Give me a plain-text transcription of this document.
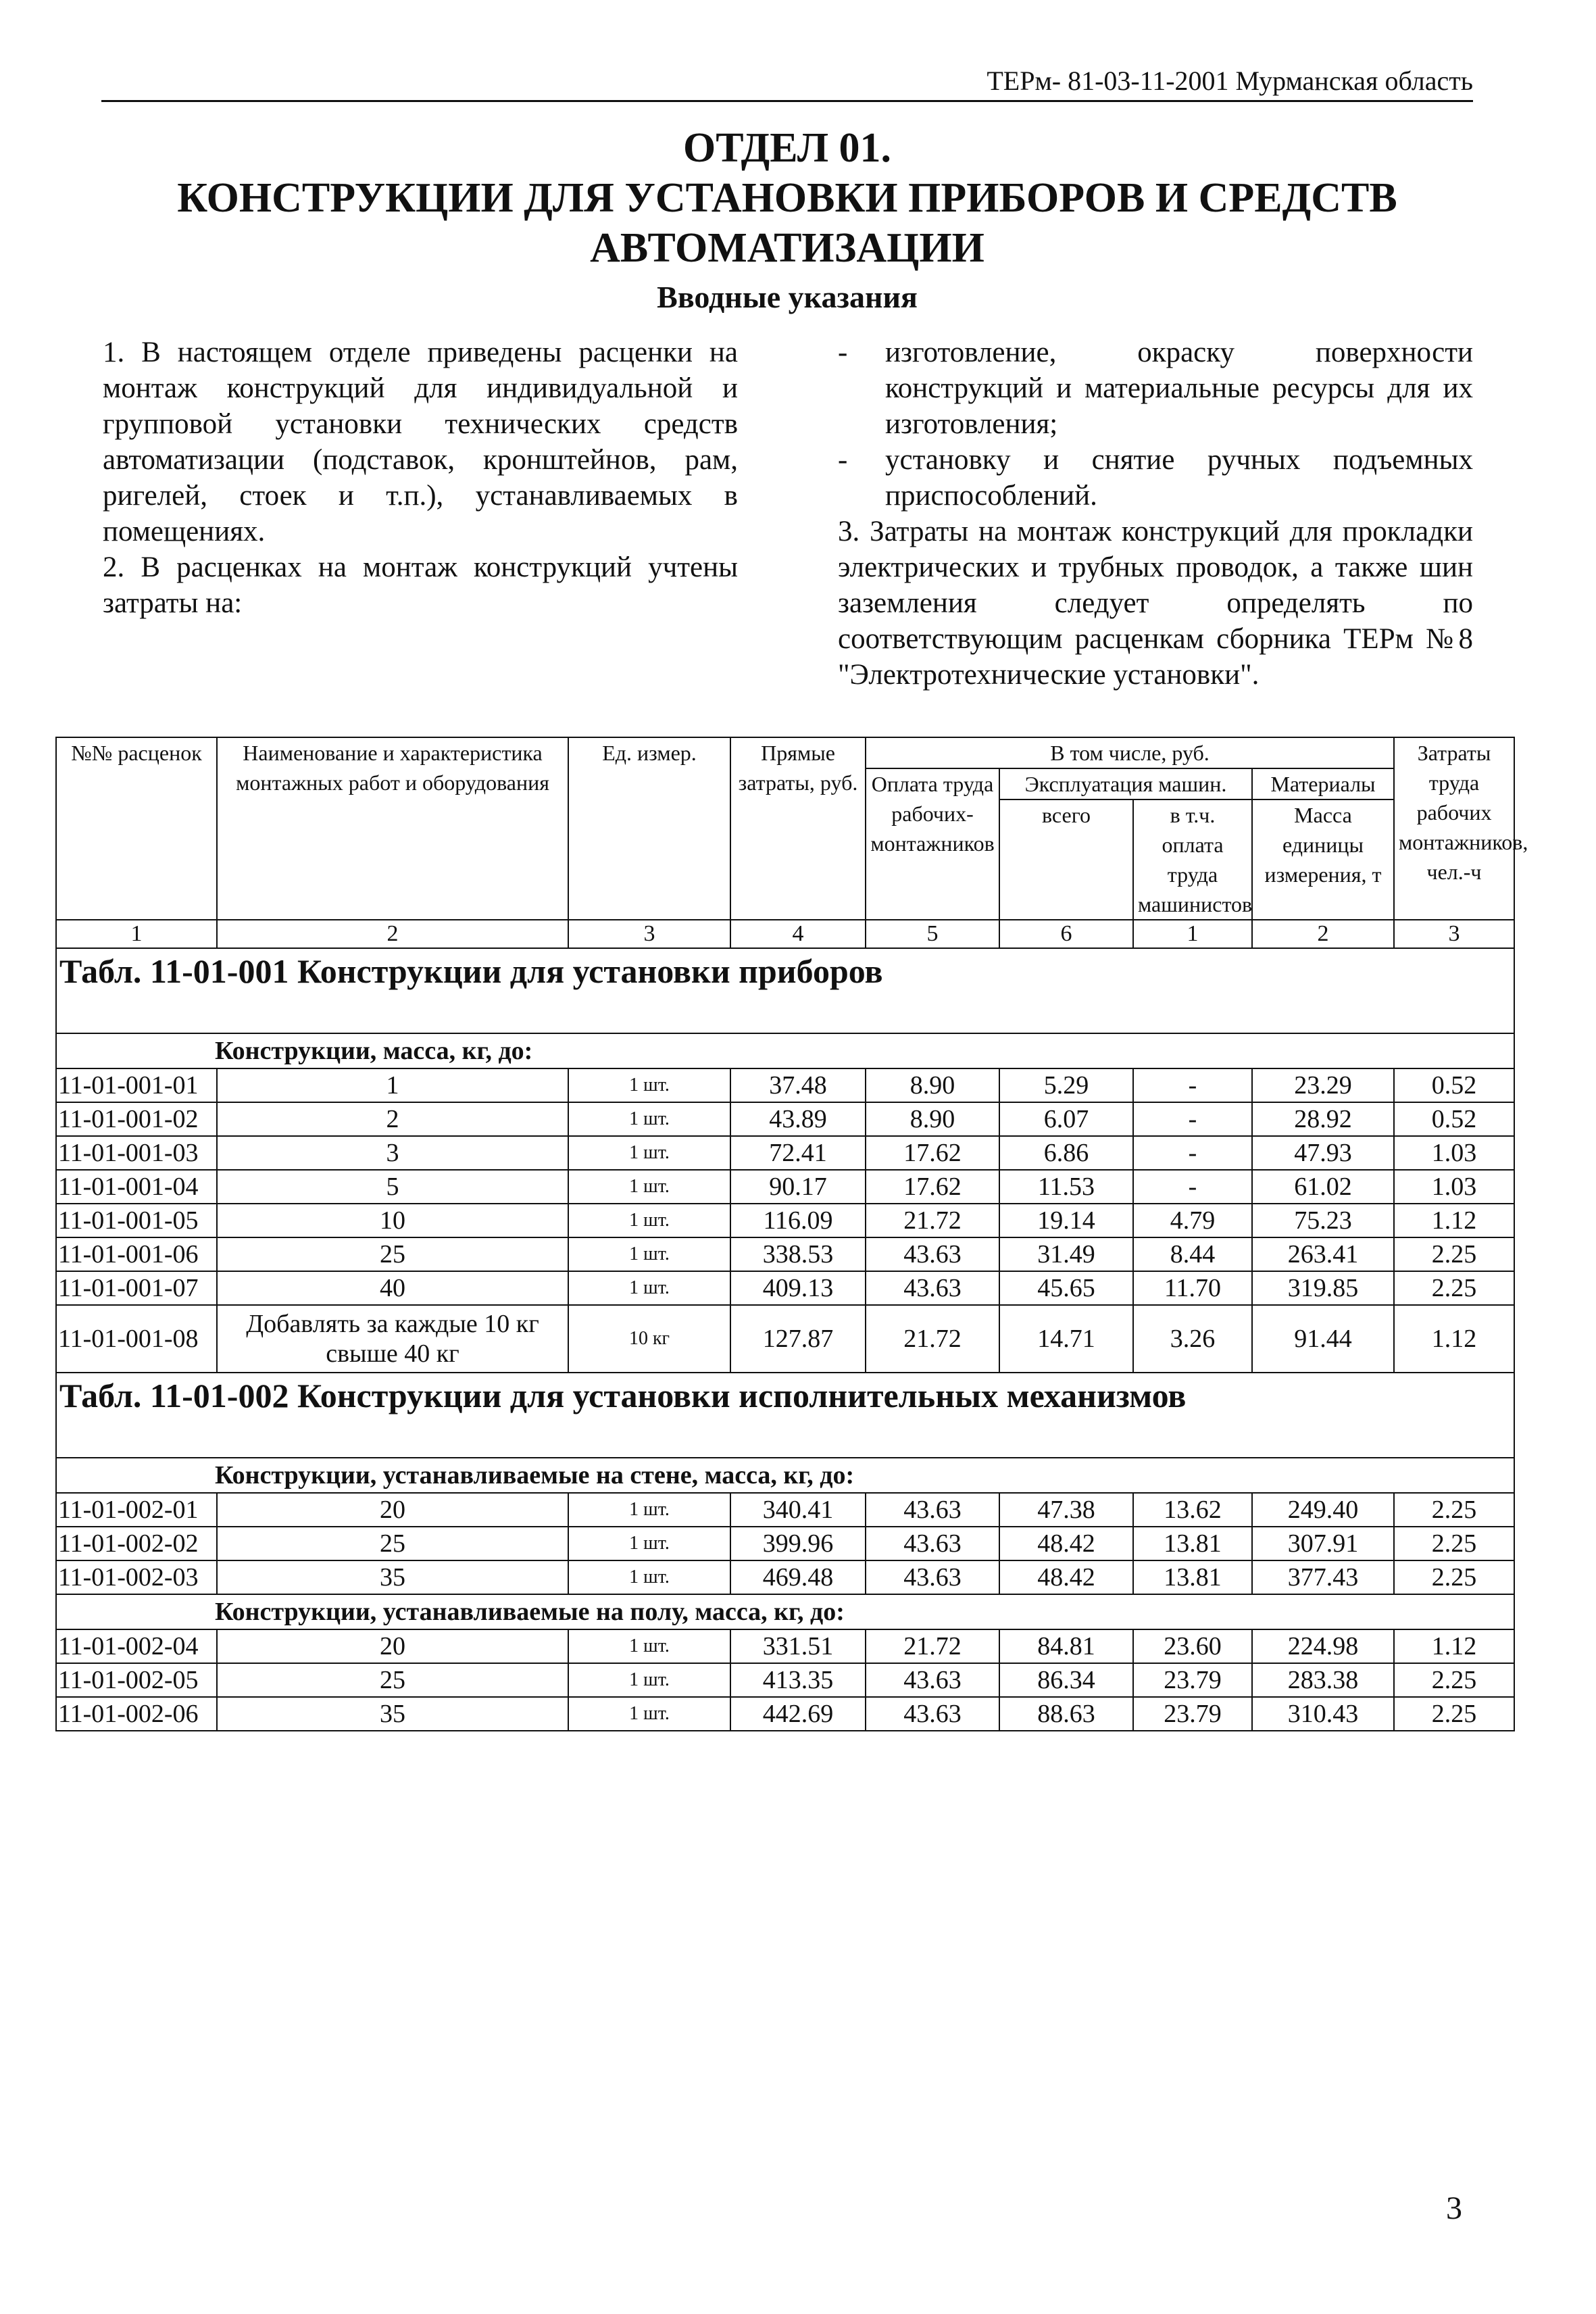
ТЕРм- 81-03-11-2001 Мурманская область
ОТДЕЛ 01.
КОНСТРУКЦИИ ДЛЯ УСТАНОВКИ ПРИБОРОВ И СРЕДСТВ АВТОМАТИЗАЦИИ
Вводные указания

1. В настоящем отделе приведены расценки на монтаж конструкций для индивидуальной и групповой установки технических средств автоматизации (подставок, кронштейнов, рам, ригелей, стоек и т.п.), устанавливаемых в помещениях.

2. В расценках на монтаж конструкций учтены затраты на:

-	изготовление, окраску поверхности конструкций и материальные ресурсы для их изготовления;
-	установку и снятие ручных подъемных приспособлений.

3. Затраты на монтаж конструкций для прокладки электрических и трубных проводок, а также шин заземления следует определять по соответствующим расценкам сборника ТЕРм №8 "Электротехнические установки".

№№ расценок	Наименование и характеристика монтажных работ и оборудования	Ед. измер.	Прямые затраты, руб.	В том числе, руб.				Затраты труда рабочих монтажников, чел.-ч
				Оплата труда рабочих-монтажников	Эксплуатация машин.		Материалы	
					всего	в т.ч. оплата труда машинистов	Масса единицы измерения, т	
1	2	3	4	5	6	1	2	3
Табл. 11-01-001 Конструкции для установки приборов								
Конструкции, масса, кг, до:								
11-01-001-01	1	1 шт.	37.48	8.90	5.29	-	23.29	0.52
11-01-001-02	2	1 шт.	43.89	8.90	6.07	-	28.92	0.52
11-01-001-03	3	1 шт.	72.41	17.62	6.86	-	47.93	1.03
11-01-001-04	5	1 шт.	90.17	17.62	11.53	-	61.02	1.03
11-01-001-05	10	1 шт.	116.09	21.72	19.14	4.79	75.23	1.12
11-01-001-06	25	1 шт.	338.53	43.63	31.49	8.44	263.41	2.25
11-01-001-07	40	1 шт.	409.13	43.63	45.65	11.70	319.85	2.25
11-01-001-08	Добавлять за каждые 10 кг свыше 40 кг	10 кг	127.87	21.72	14.71	3.26	91.44	1.12
Табл. 11-01-002 Конструкции для установки исполнительных механизмов								
Конструкции, устанавливаемые на стене, масса, кг, до:								
11-01-002-01	20	1 шт.	340.41	43.63	47.38	13.62	249.40	2.25
11-01-002-02	25	1 шт.	399.96	43.63	48.42	13.81	307.91	2.25
11-01-002-03	35	1 шт.	469.48	43.63	48.42	13.81	377.43	2.25
Конструкции, устанавливаемые на полу, масса, кг, до:								
11-01-002-04	20	1 шт.	331.51	21.72	84.81	23.60	224.98	1.12
11-01-002-05	25	1 шт.	413.35	43.63	86.34	23.79	283.38	2.25
11-01-002-06	35	1 шт.	442.69	43.63	88.63	23.79	310.43	2.25
3
